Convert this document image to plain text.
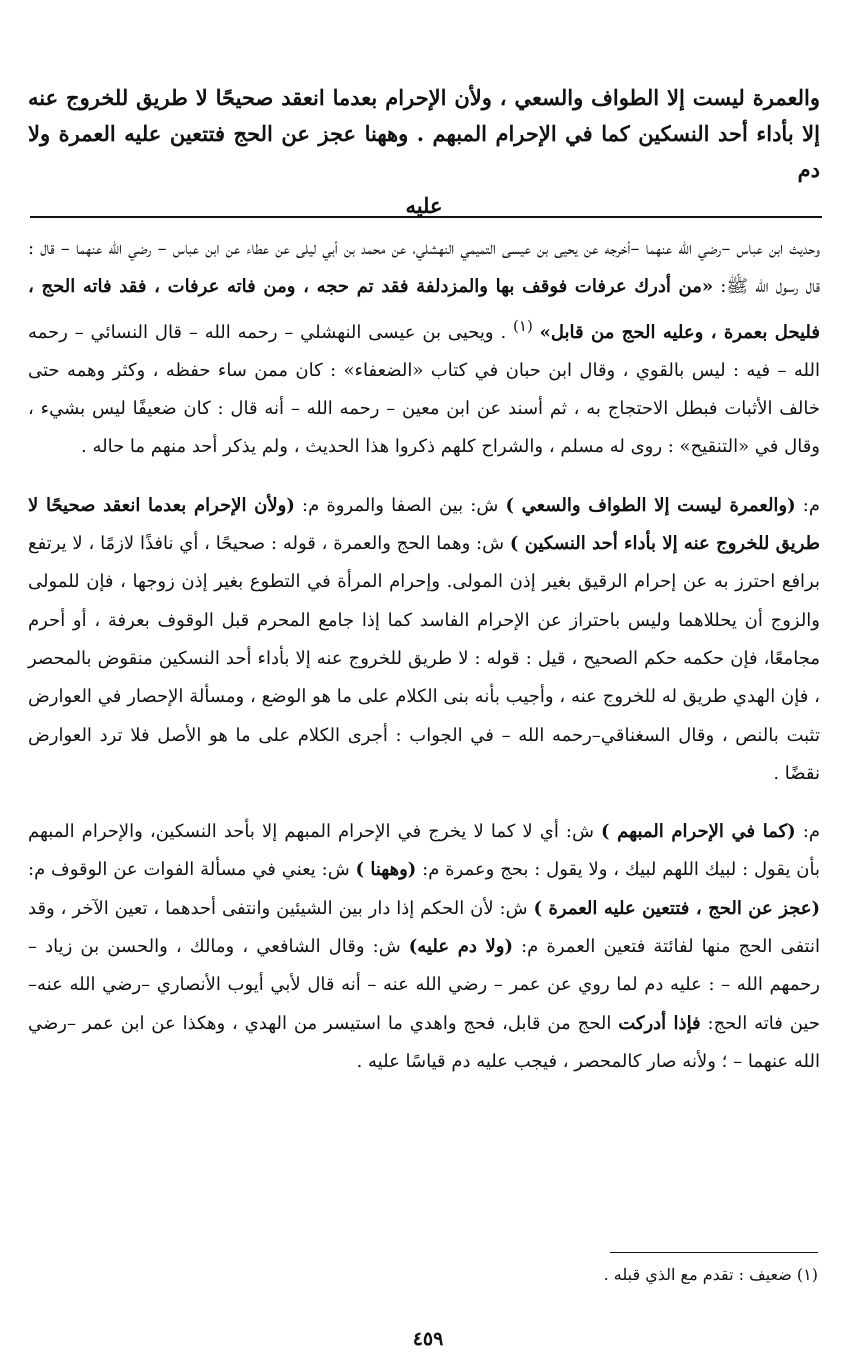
والعمرة ليست إلا الطواف والسعي ، ولأن الإحرام بعدما انعقد صحيحًا لا طريق للخروج عنه إلا بأداء أحد النسكين كما في الإحرام المبهم . وههنا عجز عن الحج فتتعين عليه العمرة ولا دم
عليه

وحديث ابن عباس –رضي الله عنهما –أخرجه عن يحيى بن عيسى التميمي النهشلي، عن محمد بن أبي ليلى عن عطاء عن ابن عباس – رضي الله عنهما – قال : قال رسول الله ﷺ: «من أدرك عرفات فوقف بها والمزدلفة فقد تم حجه ، ومن فاته عرفات ، فقد فاته الحج ، فليحل بعمرة ، وعليه الحج من قابل» $^{(١)}$ . ويحيى بن عيسى النهشلي – رحمه الله – قال النسائي – رحمه الله – فيه : ليس بالقوي ، وقال ابن حبان في كتاب «الضعفاء» : كان ممن ساء حفظه ، وكثر وهمه حتى خالف الأثبات فبطل الاحتجاج به ، ثم أسند عن ابن معين – رحمه الله – أنه قال : كان ضعيفًا ليس بشيء ، وقال في «التنقيح» : روى له مسلم ، والشراح كلهم ذكروا هذا الحديث ، ولم يذكر أحد منهم ما حاله .

م: (والعمرة ليست إلا الطواف والسعي ) ش: بين الصفا والمروة م: (ولأن الإحرام بعدما انعقد صحيحًا لا طريق للخروج عنه إلا بأداء أحد النسكين ) ش: وهما الحج والعمرة ، قوله : صحيحًا ، أي نافذًا لازمًا ، لا يرتفع برافع احترز به عن إحرام الرقيق بغير إذن المولى. وإحرام المرأة في التطوع بغير إذن زوجها ، فإن للمولى والزوج أن يحللاهما وليس باحتراز عن الإحرام الفاسد كما إذا جامع المحرم قبل الوقوف بعرفة ، أو أحرم مجامعًا، فإن حكمه حكم الصحيح ، قيل : قوله : لا طريق للخروج عنه إلا بأداء أحد النسكين منقوض بالمحصر ، فإن الهدي طريق له للخروج عنه ، وأجيب بأنه بنى الكلام على ما هو الوضع ، ومسألة الإحصار في العوارض تثبت بالنص ، وقال السغناقي–رحمه الله – في الجواب : أجرى الكلام على ما هو الأصل فلا ترد العوارض نقضًا .

م: (كما في الإحرام المبهم ) ش: أي لا كما لا يخرج في الإحرام المبهم إلا بأحد النسكين، والإحرام المبهم بأن يقول : لبيك اللهم لبيك ، ولا يقول : بحج وعمرة م: (وههنا ) ش: يعني في مسألة الفوات عن الوقوف م: (عجز عن الحج ، فتتعين عليه العمرة ) ش: لأن الحكم إذا دار بين الشيئين وانتفى أحدهما ، تعين الآخر ، وقد انتفى الحج منها لفائتة فتعين العمرة م: (ولا دم عليه) ش: وقال الشافعي ، ومالك ، والحسن بن زياد – رحمهم الله – : عليه دم لما روي عن عمر – رضي الله عنه – أنه قال لأبي أيوب الأنصاري –رضي الله عنه– حين فاته الحج: فإذا أدركت الحج من قابل، فحج واهدي ما استيسر من الهدي ، وهكذا عن ابن عمر –رضي الله عنهما – ؛ ولأنه صار كالمحصر ، فيجب عليه دم قياسًا عليه .

(١) ضعيف : تقدم مع الذي قبله .
٤٥٩
